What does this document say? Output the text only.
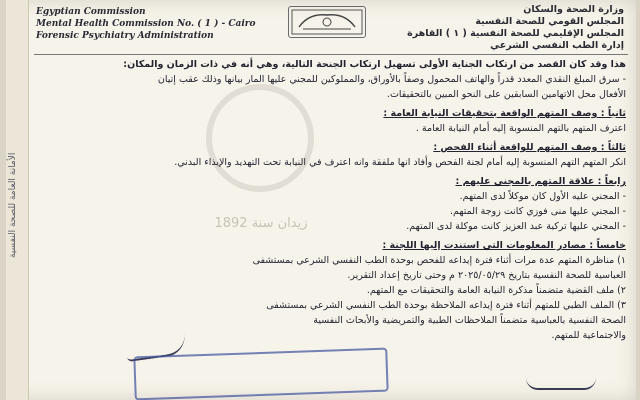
الأمانة العامة للصحة النفسية
Egyptian Commission
Mental Health Commission No. ( 1 ) - Cairo
Forensic Psychiatry Administration
وزارة الصحة والسكان
المجلس القومي للصحة النفسية
المجلس الإقليمي للصحة النفسية ( ١ ) القاهرة
إدارة الطب النفسي الشرعي
زيدان سنة 1892

هذا وقد كان القصد من ارتكاب الجناية الأولى تسهيل ارتكاب الجنحة التالية، وهي أنه في ذات الزمان والمكان:

- سرق المبلغ النقدي المعدد قدراً والهاتف المحمول وصفاً بالأوراق، والمملوكين للمجني عليها المار بيانها وذلك عقب إتيان

الأفعال محل الاتهامين السابقين على النحو المبين بالتحقيقات.

ثانياً : وصف المتهم الواقعة بتحقيقات النيابة العامة :

اعترف المتهم بالتهم المنسوبة إليه أمام النيابة العامة .

ثالثاً : وصف المتهم للواقعة أثناء الفحص :

انكر المتهم التهم المنسوبة إليه أمام لجنة الفحص وأفاد انها ملفقة وانه اعترف في النيابة تحت التهديد والإيذاء البدني.

رابعاً : علاقة المتهم بالمجني عليهم :

- المجني عليه الأول كان موكلاً لدى المتهم.

- المجني عليها منى فوزي كانت زوجة المتهم.

- المجني عليها تركية عبد العزيز كانت موكلة لدى المتهم.

خامساً : مصادر المعلومات التي استندت إليها اللجنة :

١) مناظرة المتهم عدة مرات أثناء فترة إيداعه للفحص بوحدة الطب النفسي الشرعي بمستشفى

العباسية للصحة النفسية بتاريخ ٢٠٢٥/٠٥/٢٩ م وحتى تاريخ إعداد التقرير.

٢) ملف القضية متضمناً مذكرة النيابة العامة والتحقيقات مع المتهم.

٣) الملف الطبي للمتهم أثناء فترة إيداعه الملاحظة بوحدة الطب النفسي الشرعي بمستشفى

الصحة النفسية بالعباسية متضمناً الملاحظات الطبية والتمريضية والأبحاث النفسية

والاجتماعية للمتهم.
